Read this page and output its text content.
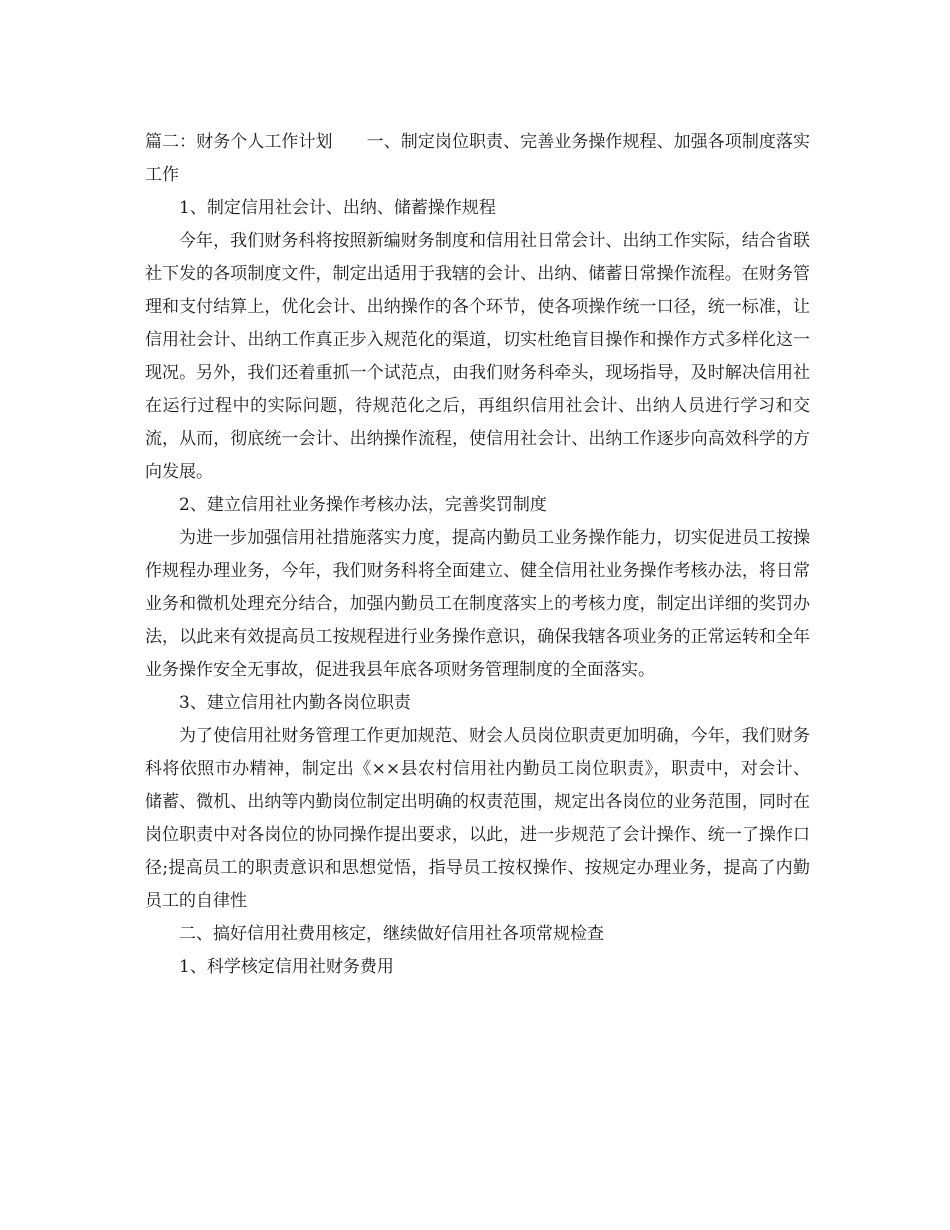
篇二：财务个人工作计划　　一、制定岗位职责、完善业务操作规程、加强各项制度落实工作

1、制定信用社会计、出纳、储蓄操作规程

今年，我们财务科将按照新编财务制度和信用社日常会计、出纳工作实际，结合省联社下发的各项制度文件，制定出适用于我辖的会计、出纳、储蓄日常操作流程。在财务管理和支付结算上，优化会计、出纳操作的各个环节，使各项操作统一口径，统一标准，让信用社会计、出纳工作真正步入规范化的渠道，切实杜绝盲目操作和操作方式多样化这一现况。另外，我们还着重抓一个试范点，由我们财务科牵头，现场指导，及时解决信用社在运行过程中的实际问题，待规范化之后，再组织信用社会计、出纳人员进行学习和交流，从而，彻底统一会计、出纳操作流程，使信用社会计、出纳工作逐步向高效科学的方向发展。

2、建立信用社业务操作考核办法，完善奖罚制度

为进一步加强信用社措施落实力度，提高内勤员工业务操作能力，切实促进员工按操作规程办理业务，今年，我们财务科将全面建立、健全信用社业务操作考核办法，将日常业务和微机处理充分结合，加强内勤员工在制度落实上的考核力度，制定出详细的奖罚办法，以此来有效提高员工按规程进行业务操作意识，确保我辖各项业务的正常运转和全年业务操作安全无事故，促进我县年底各项财务管理制度的全面落实。

3、建立信用社内勤各岗位职责

为了使信用社财务管理工作更加规范、财会人员岗位职责更加明确，今年，我们财务科将依照市办精神，制定出《××县农村信用社内勤员工岗位职责》，职责中，对会计、储蓄、微机、出纳等内勤岗位制定出明确的权责范围，规定出各岗位的业务范围，同时在岗位职责中对各岗位的协同操作提出要求，以此，进一步规范了会计操作、统一了操作口径;提高员工的职责意识和思想觉悟，指导员工按权操作、按规定办理业务，提高了内勤员工的自律性

二、搞好信用社费用核定，继续做好信用社各项常规检查

1、科学核定信用社财务费用
